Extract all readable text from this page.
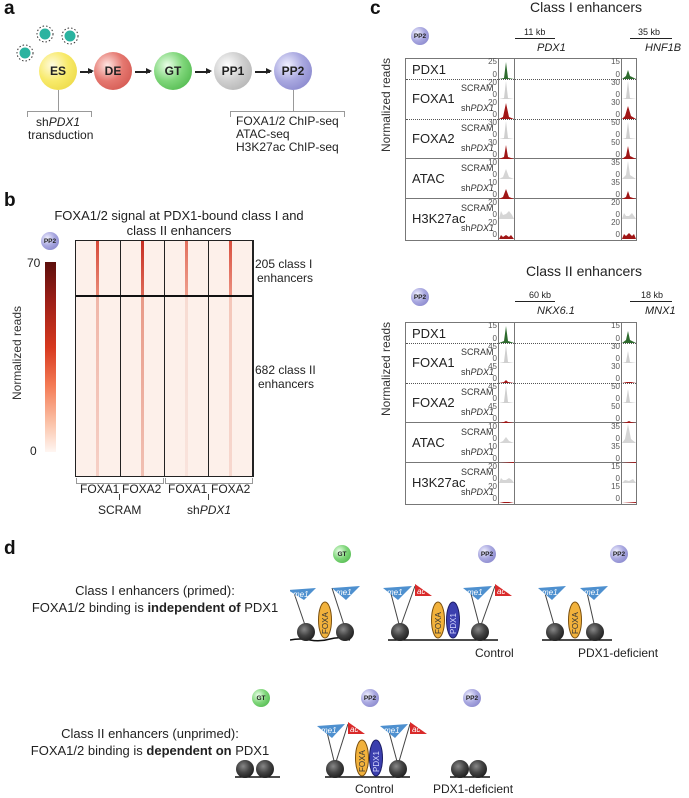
a
ES	DE	GT	PP1	PP2
shPDX1
transduction
FOXA1/2 ChIP-seq
ATAC-seq
H3K27ac ChIP-seq
b
FOXA1/2 signal at PDX1-bound class I and
class II enhancers
PP2
70
0
Normalized reads
205 class I
enhancers
682 class II
enhancers
FOXA1 FOXA2 FOXA1 FOXA2
SCRAM	shPDX1
c	Class I enhancers
PP2	11 kb
PDX1
35 kb
HNF1B
PDX1
FOXA1
FOXA2
ATAC
H3K27ac
SCRAM
shPDX1
SCRAM
shPDX1
SCRAM
shPDX1
SCRAM
shPDX1
25
0
20
0
20
0
30
0
30
0
10
0
10
0
20
0
20
0
15
0
30
0
30
0
50
0
50
0
35
0
35
0
20
0
20
0
Normalized reads
Class II enhancers
PP2	60 kb
NKX6.1
18 kb
MNX1
PDX1
FOXA1
FOXA2
ATAC
H3K27ac
SCRAM
shPDX1
SCRAM
shPDX1
SCRAM
shPDX1
SCRAM
shPDX1
15
0
45
0
45
0
45
0
45
0
10
0
10
0
20
0
20
0
15
0
30
0
30
0
50
0
50
0
35
0
35
0
15
0
15
0
Normalized reads
d	GT	PP2	PP2
Class I enhancers (primed):
FOXA1/2 binding is independent of PDX1
Class II enhancers (unprimed):
FOXA1/2 binding is dependent on PDX1
me1
FOXA
me1	me1 ac
FOXA PDX1
me1 ac	me1
FOXA
me1
Control	PDX1-deficient
GT	PP2	PP2
me1 ac
FOXA PDX1
me1 ac
Control	PDX1-deficient
